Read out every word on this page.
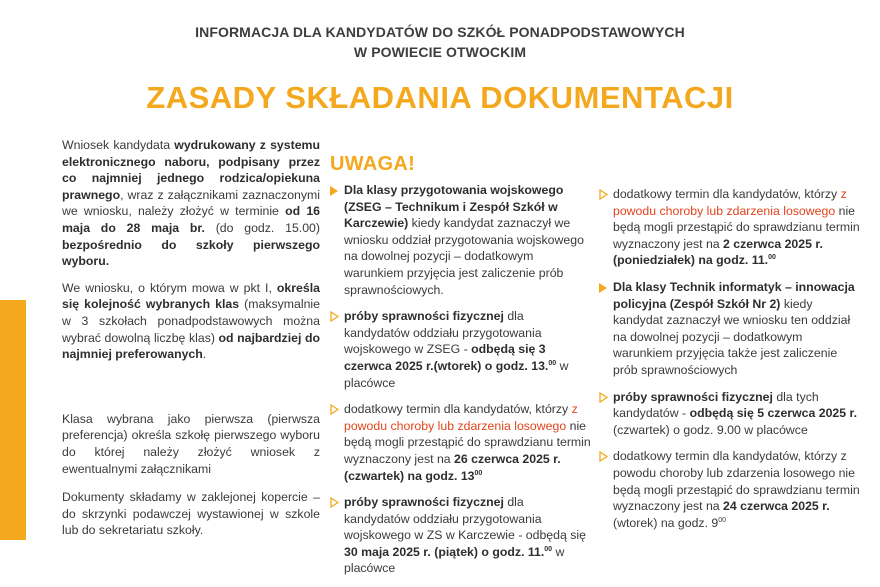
INFORMACJA DLA KANDYDATÓW DO SZKÓŁ PONADPODSTAWOWYCH
W POWIECIE OTWOCKIM
ZASADY SKŁADANIA DOKUMENTACJI

Wniosek kandydata wydrukowany z systemu elektronicznego naboru, podpisany przez co najmniej jednego rodzica/opiekuna prawnego, wraz z załącznikami zaznaczonymi we wniosku, należy złożyć w terminie od 16 maja do 28 maja br. (do godz. 15.00) bezpośrednio do szkoły pierwszego wyboru.

We wniosku, o którym mowa w pkt I, określa się kolejność wybranych klas (maksymalnie w 3 szkołach ponadpodstawowych można wybrać dowolną liczbę klas) od najbardziej do najmniej preferowanych.

Klasa wybrana jako pierwsza (pierwsza preferencja) określa szkołę pierwszego wyboru do której należy złożyć wniosek z ewentualnymi załącznikami

Dokumenty składamy w zaklejonej kopercie – do skrzynki podawczej wystawionej w szkole lub do sekretariatu szkoły.

UWAGA!
Dla klasy przygotowania wojskowego (ZSEG – Technikum i Zespół Szkół w Karczewie) kiedy kandydat zaznaczył we wniosku oddział przygotowania wojskowego na dowolnej pozycji – dodatkowym warunkiem przyjęcia jest zaliczenie prób sprawnościowych.
próby sprawności fizycznej dla kandydatów oddziału przygotowania wojskowego w ZSEG - odbędą się 3 czerwca 2025 r.(wtorek) o godz. 13.00 w placówce
dodatkowy termin dla kandydatów, którzy z powodu choroby lub zdarzenia losowego nie będą mogli przestąpić do sprawdzianu termin wyznaczony jest na 26 czerwca 2025 r. (czwartek) na godz. $13^{00}$
próby sprawności fizycznej dla kandydatów oddziału przygotowania wojskowego w ZS w Karczewie - odbędą się 30 maja 2025 r. (piątek) o godz. 11.00 w placówce
dodatkowy termin dla kandydatów, którzy z powodu choroby lub zdarzenia losowego nie będą mogli przestąpić do sprawdzianu termin wyznaczony jest na 2 czerwca 2025 r. (poniedziałek) na godz. 11.00
Dla klasy Technik informatyk – innowacja policyjna (Zespół Szkół Nr 2) kiedy kandydat zaznaczył we wniosku ten oddział na dowolnej pozycji – dodatkowym warunkiem przyjęcia także jest zaliczenie prób sprawnościowych
próby sprawności fizycznej dla tych kandydatów - odbędą się 5 czerwca 2025 r. (czwartek) o godz. 9.00 w placówce
dodatkowy termin dla kandydatów, którzy z powodu choroby lub zdarzenia losowego nie będą mogli przestąpić do sprawdzianu termin wyznaczony jest na 24 czerwca 2025 r. (wtorek) na godz. $9^{00}$
